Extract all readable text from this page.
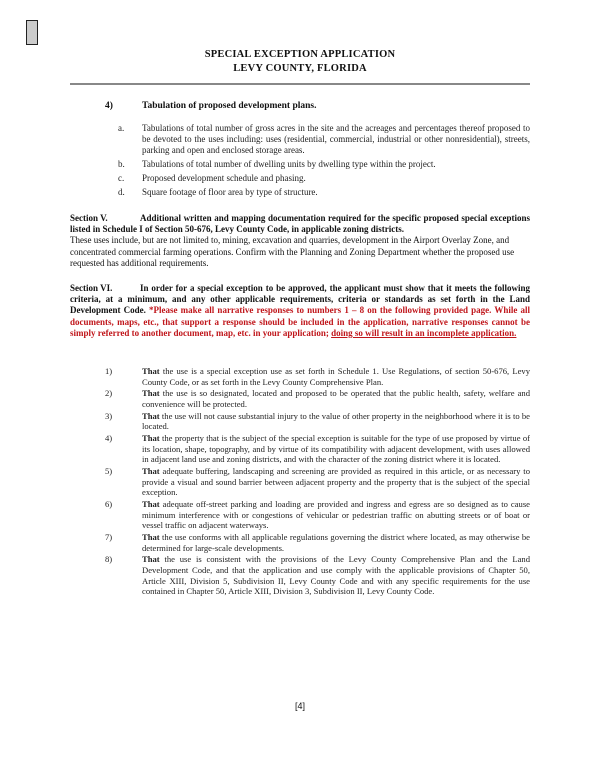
SPECIAL EXCEPTION APPLICATION
LEVY COUNTY, FLORIDA
4)	Tabulation of proposed development plans.
a.	Tabulations of total number of gross acres in the site and the acreages and percentages thereof proposed to be devoted to the uses including: uses (residential, commercial, industrial or other nonresidential), streets, parking and open and enclosed storage areas.
b.	Tabulations of total number of dwelling units by dwelling type within the project.
c.	Proposed development schedule and phasing.
d.	Square footage of floor area by type of structure.
Section V.	Additional written and mapping documentation required for the specific proposed special exceptions listed in Schedule I of Section 50-676, Levy County Code, in applicable zoning districts.
These uses include, but are not limited to, mining, excavation and quarries, development in the Airport Overlay Zone, and concentrated commercial farming operations. Confirm with the Planning and Zoning Department whether the proposed use requested has additional requirements.
Section VI.	In order for a special exception to be approved, the applicant must show that it meets the following criteria, at a minimum, and any other applicable requirements, criteria or standards as set forth in the Land Development Code. *Please make all narrative responses to numbers 1 – 8 on the following provided page. While all documents, maps, etc., that support a response should be included in the application, narrative responses cannot be simply referred to another document, map, etc. in your application; doing so will result in an incomplete application.
1)	That the use is a special exception use as set forth in Schedule 1. Use Regulations, of section 50-676, Levy County Code, or as set forth in the Levy County Comprehensive Plan.
2)	That the use is so designated, located and proposed to be operated that the public health, safety, welfare and convenience will be protected.
3)	That the use will not cause substantial injury to the value of other property in the neighborhood where it is to be located.
4)	That the property that is the subject of the special exception is suitable for the type of use proposed by virtue of its location, shape, topography, and by virtue of its compatibility with adjacent development, with uses allowed in adjacent land use and zoning districts, and with the character of the zoning district where it is located.
5)	That adequate buffering, landscaping and screening are provided as required in this article, or as necessary to provide a visual and sound barrier between adjacent property and the property that is the subject of the special exception.
6)	That adequate off-street parking and loading are provided and ingress and egress are so designed as to cause minimum interference with or congestions of vehicular or pedestrian traffic on abutting streets or of boat or vessel traffic on adjacent waterways.
7)	That the use conforms with all applicable regulations governing the district where located, as may otherwise be determined for large-scale developments.
8)	That the use is consistent with the provisions of the Levy County Comprehensive Plan and the Land Development Code, and that the application and use comply with the applicable provisions of Chapter 50, Article XIII, Division 5, Subdivision II, Levy County Code and with any specific requirements for the use contained in Chapter 50, Article XIII, Division 3, Subdivision II, Levy County Code.
[4]
